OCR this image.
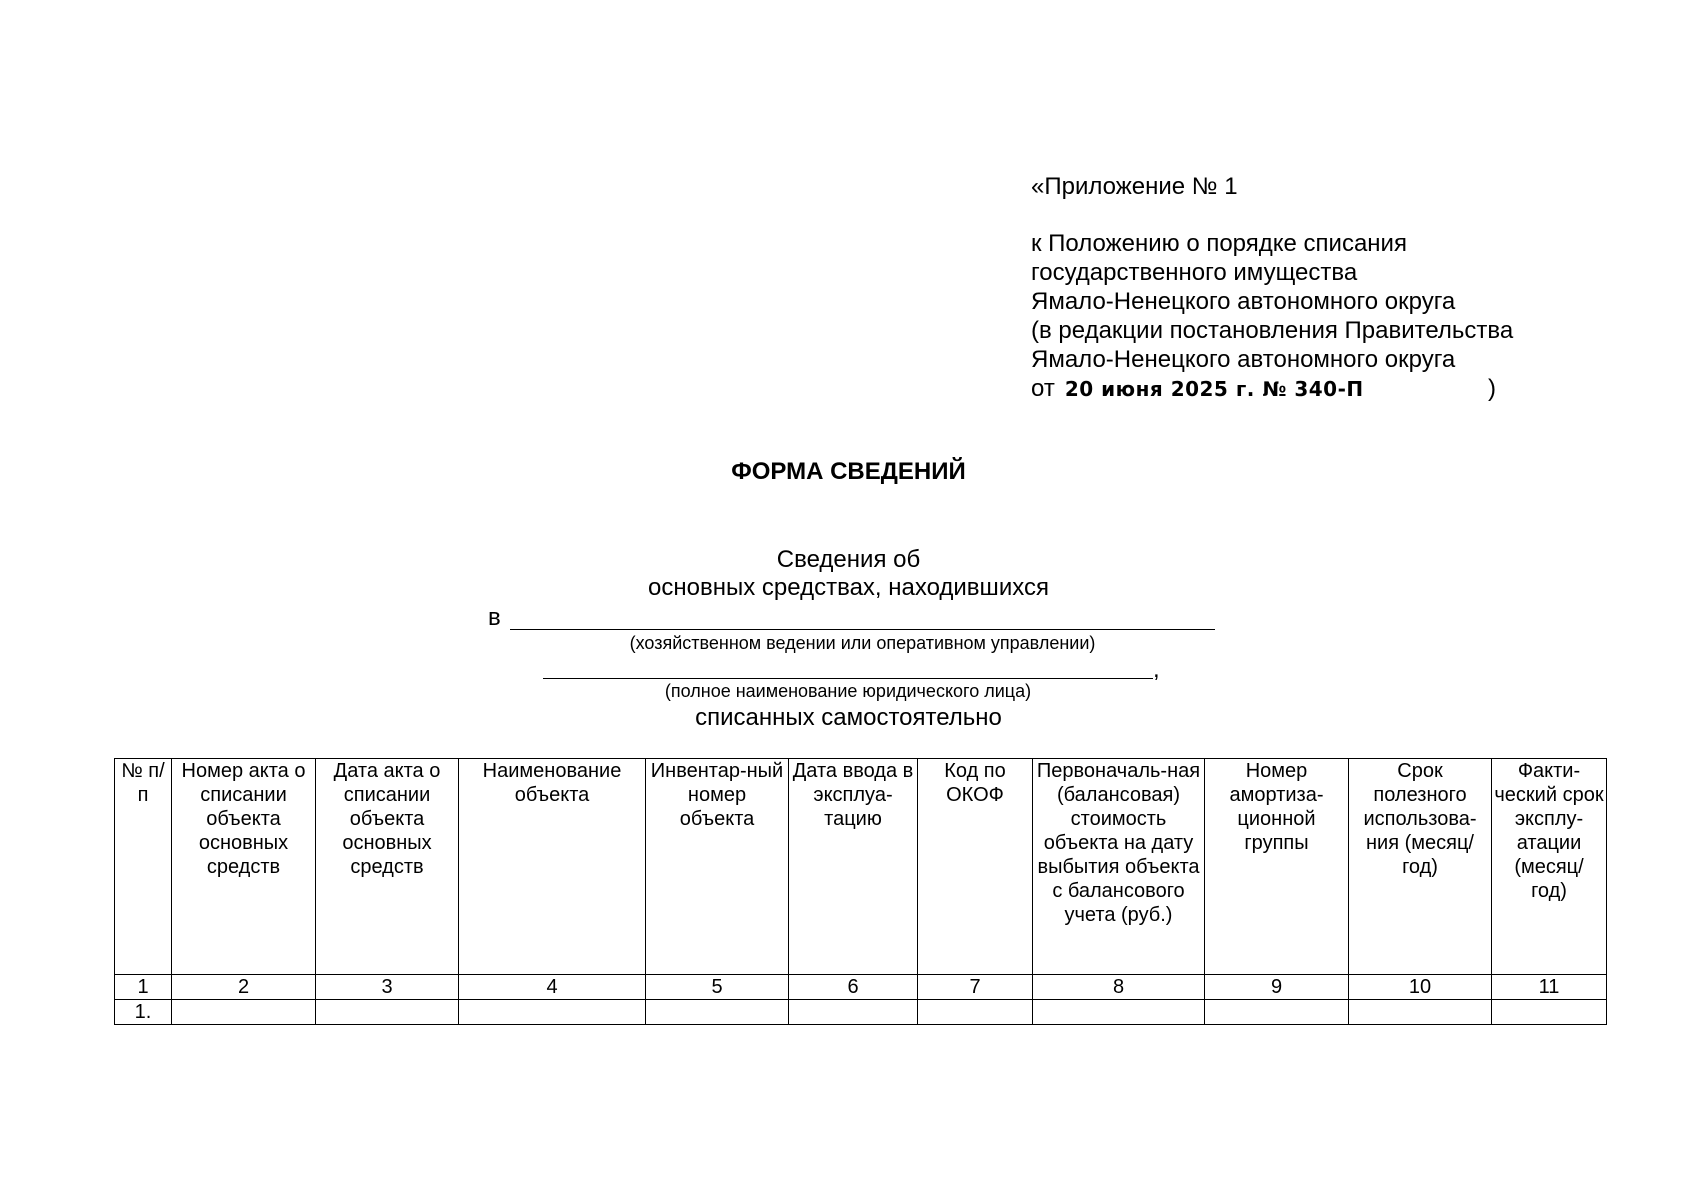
«Приложение № 1
к Положению о порядке списания
государственного имущества
Ямало-Ненецкого автономного округа
(в редакции постановления Правительства
Ямало-Ненецкого автономного округа
от 20 июня 2025 г. № 340-П	)
ФОРМА СВЕДЕНИЙ
Сведения об
основных средствах, находившихся
в
(хозяйственном ведении или оперативном управлении)
,
(полное наименование юридического лица)
списанных самостоятельно
№ п/п	Номер акта о списании объекта основных средств	Дата акта о списании объекта основных средств	Наименование объекта	Инвентар-ный номер объекта	Дата ввода в эксплуа-тацию	Код по ОКОФ	Первоначаль-ная (балансовая) стоимость объекта на дату выбытия объекта с балансового учета (руб.)	Номер амортиза-ционной группы	Срок полезного использова-ния (месяц/год)	Факти-ческий срок эксплу-атации (месяц/ год)
1	2	3	4	5	6	7	8	9	10	11
1.										
